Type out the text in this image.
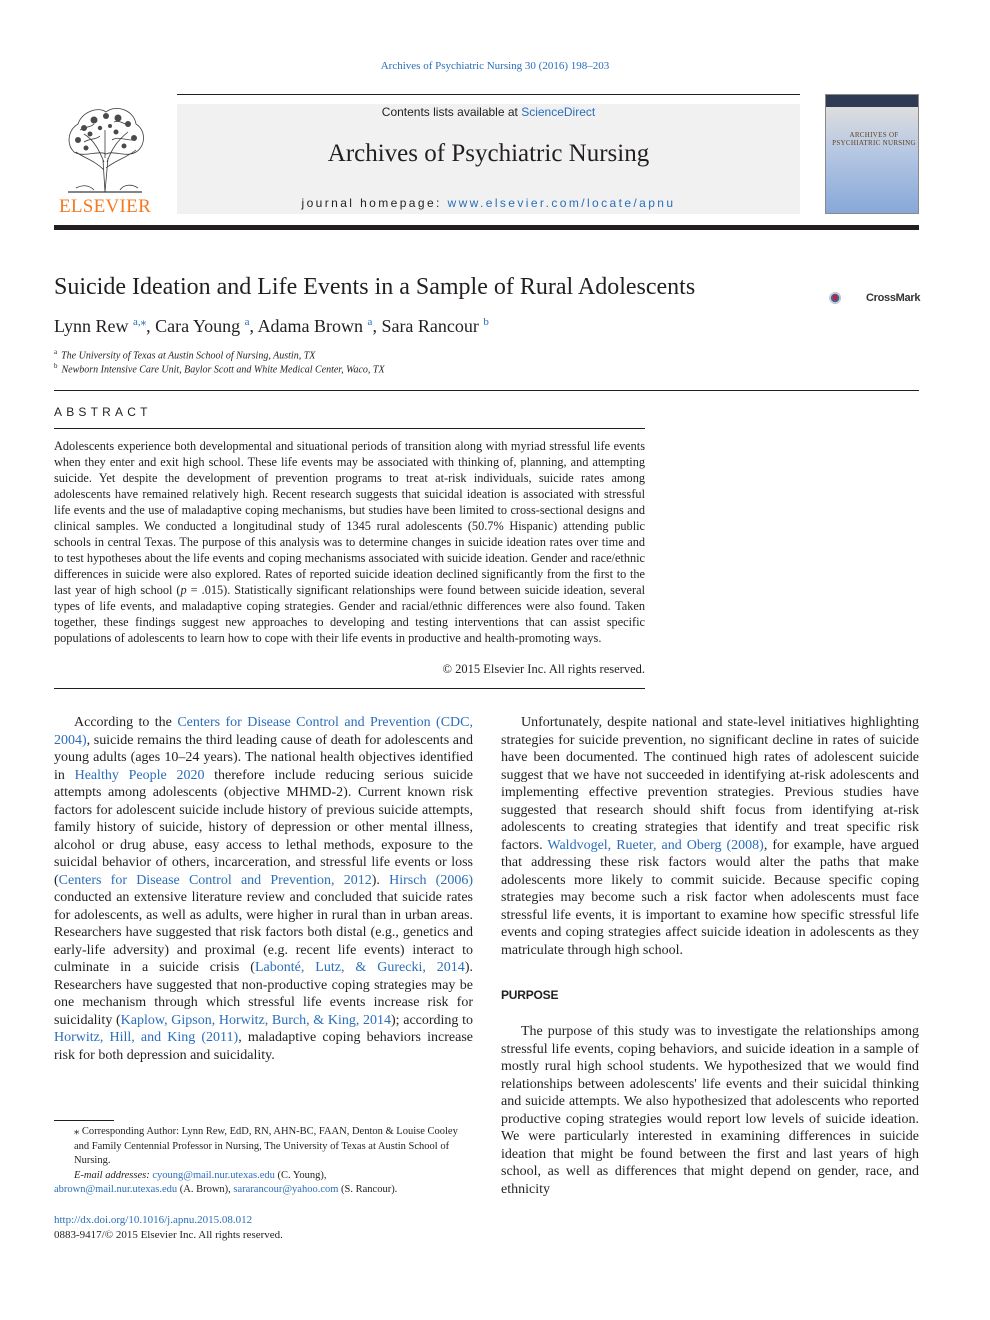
Archives of Psychiatric Nursing 30 (2016) 198–203
ELSEVIER
Contents lists available at ScienceDirect
Archives of Psychiatric Nursing
journal homepage: www.elsevier.com/locate/apnu
ARCHIVES OF PSYCHIATRIC NURSING
Suicide Ideation and Life Events in a Sample of Rural Adolescents	CrossMark
Lynn Rew $^{a,⁎}$, Cara Young $^a$, Adama Brown $^a$, Sara Rancour $^b$
$^a$ The University of Texas at Austin School of Nursing, Austin, TX
$^b$ Newborn Intensive Care Unit, Baylor Scott and White Medical Center, Waco, TX
ABSTRACT
Adolescents experience both developmental and situational periods of transition along with myriad stressful life events when they enter and exit high school. These life events may be associated with thinking of, planning, and attempting suicide. Yet despite the development of prevention programs to treat at-risk individuals, suicide rates among adolescents have remained relatively high. Recent research suggests that suicidal ideation is associated with stressful life events and the use of maladaptive coping mechanisms, but studies have been limited to cross-sectional designs and clinical samples. We conducted a longitudinal study of 1345 rural adolescents (50.7% Hispanic) attending public schools in central Texas. The purpose of this analysis was to determine changes in suicide ideation rates over time and to test hypotheses about the life events and coping mechanisms associated with suicide ideation. Gender and race/ethnic differences in suicide were also explored. Rates of reported suicide ideation declined significantly from the first to the last year of high school (p = .015). Statistically significant relationships were found between suicide ideation, several types of life events, and maladaptive coping strategies. Gender and racial/ethnic differences were also found. Taken together, these findings suggest new approaches to developing and testing interventions that can assist specific populations of adolescents to learn how to cope with their life events in productive and health-promoting ways.
© 2015 Elsevier Inc. All rights reserved.

According to the Centers for Disease Control and Prevention (CDC, 2004), suicide remains the third leading cause of death for adolescents and young adults (ages 10–24 years). The national health objectives identified in Healthy People 2020 therefore include reducing serious suicide attempts among adolescents (objective MHMD-2). Current known risk factors for adolescent suicide include history of previous suicide attempts, family history of suicide, history of depression or other mental illness, alcohol or drug abuse, easy access to lethal methods, exposure to the suicidal behavior of others, incarceration, and stressful life events or loss (Centers for Disease Control and Prevention, 2012). Hirsch (2006) conducted an extensive literature review and concluded that suicide rates for adolescents, as well as adults, were higher in rural than in urban areas. Researchers have suggested that risk factors both distal (e.g., genetics and early-life adversity) and proximal (e.g. recent life events) interact to culminate in a suicide crisis (Labonté, Lutz, & Gurecki, 2014). Researchers have suggested that non-productive coping strategies may be one mechanism through which stressful life events increase risk for suicidality (Kaplow, Gipson, Horwitz, Burch, & King, 2014); according to Horwitz, Hill, and King (2011), maladaptive coping behaviors increase risk for both depression and suicidality.

Unfortunately, despite national and state-level initiatives highlighting strategies for suicide prevention, no significant decline in rates of suicide have been documented. The continued high rates of adolescent suicide suggest that we have not succeeded in identifying at-risk adolescents and implementing effective prevention strategies. Previous studies have suggested that research should shift focus from identifying at-risk adolescents to creating strategies that identify and treat specific risk factors. Waldvogel, Rueter, and Oberg (2008), for example, have argued that addressing these risk factors would alter the paths that make adolescents more likely to commit suicide. Because specific coping strategies may become such a risk factor when adolescents must face stressful life events, it is important to examine how specific stressful life events and coping strategies affect suicide ideation in adolescents as they matriculate through high school.

PURPOSE

The purpose of this study was to investigate the relationships among stressful life events, coping behaviors, and suicide ideation in a sample of mostly rural high school students. We hypothesized that we would find relationships between adolescents' life events and their suicidal thinking and suicide attempts. We also hypothesized that adolescents who reported productive coping strategies would report low levels of suicide ideation. We were particularly interested in examining differences in suicide ideation that might be found between the first and last years of high school, as well as differences that might depend on gender, race, and ethnicity

⁎ Corresponding Author: Lynn Rew, EdD, RN, AHN-BC, FAAN, Denton & Louise Cooley and Family Centennial Professor in Nursing, The University of Texas at Austin School of Nursing.
E-mail addresses: cyoung@mail.nur.utexas.edu (C. Young),
abrown@mail.nur.utexas.edu (A. Brown), sararancour@yahoo.com (S. Rancour).
http://dx.doi.org/10.1016/j.apnu.2015.08.012
0883-9417/© 2015 Elsevier Inc. All rights reserved.
